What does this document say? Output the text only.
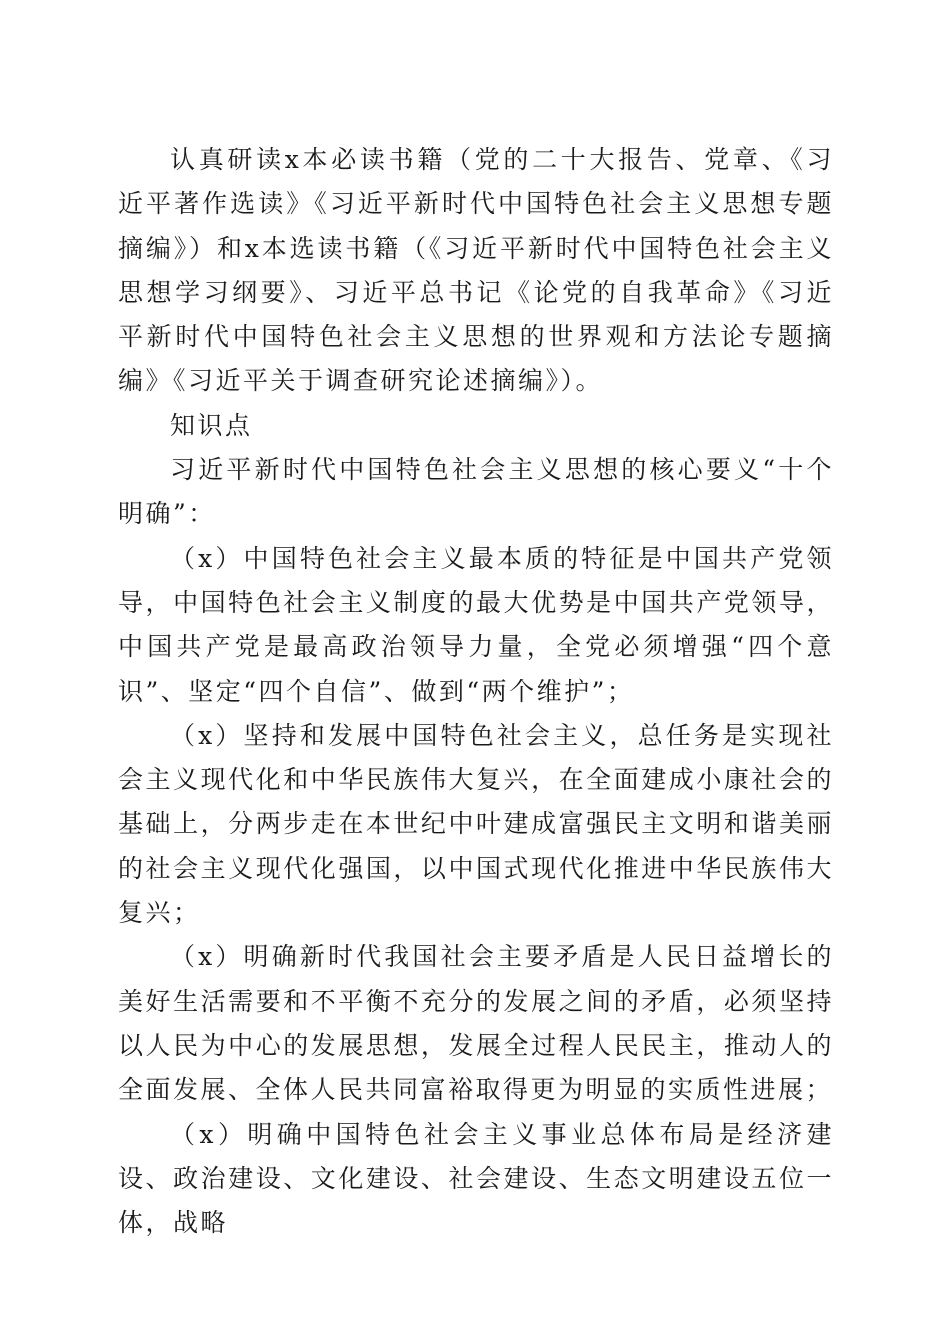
认真研读x本必读书籍（党的二十大报告、党章、《习近平著作选读》《习近平新时代中国特色社会主义思想专题摘编》）和x本选读书籍（《习近平新时代中国特色社会主义思想学习纲要》、习近平总书记《论党的自我革命》《习近平新时代中国特色社会主义思想的世界观和方法论专题摘编》《习近平关于调查研究论述摘编》）。

知识点

习近平新时代中国特色社会主义思想的核心要义“十个明确”：

（x）中国特色社会主义最本质的特征是中国共产党领导，中国特色社会主义制度的最大优势是中国共产党领导，中国共产党是最高政治领导力量，全党必须增强“四个意识”、坚定“四个自信”、做到“两个维护”；

（x）坚持和发展中国特色社会主义，总任务是实现社会主义现代化和中华民族伟大复兴，在全面建成小康社会的基础上，分两步走在本世纪中叶建成富强民主文明和谐美丽的社会主义现代化强国，以中国式现代化推进中华民族伟大复兴；

（x）明确新时代我国社会主要矛盾是人民日益增长的美好生活需要和不平衡不充分的发展之间的矛盾，必须坚持以人民为中心的发展思想，发展全过程人民民主，推动人的全面发展、全体人民共同富裕取得更为明显的实质性进展；

（x）明确中国特色社会主义事业总体布局是经济建设、政治建设、文化建设、社会建设、生态文明建设五位一体，战略
